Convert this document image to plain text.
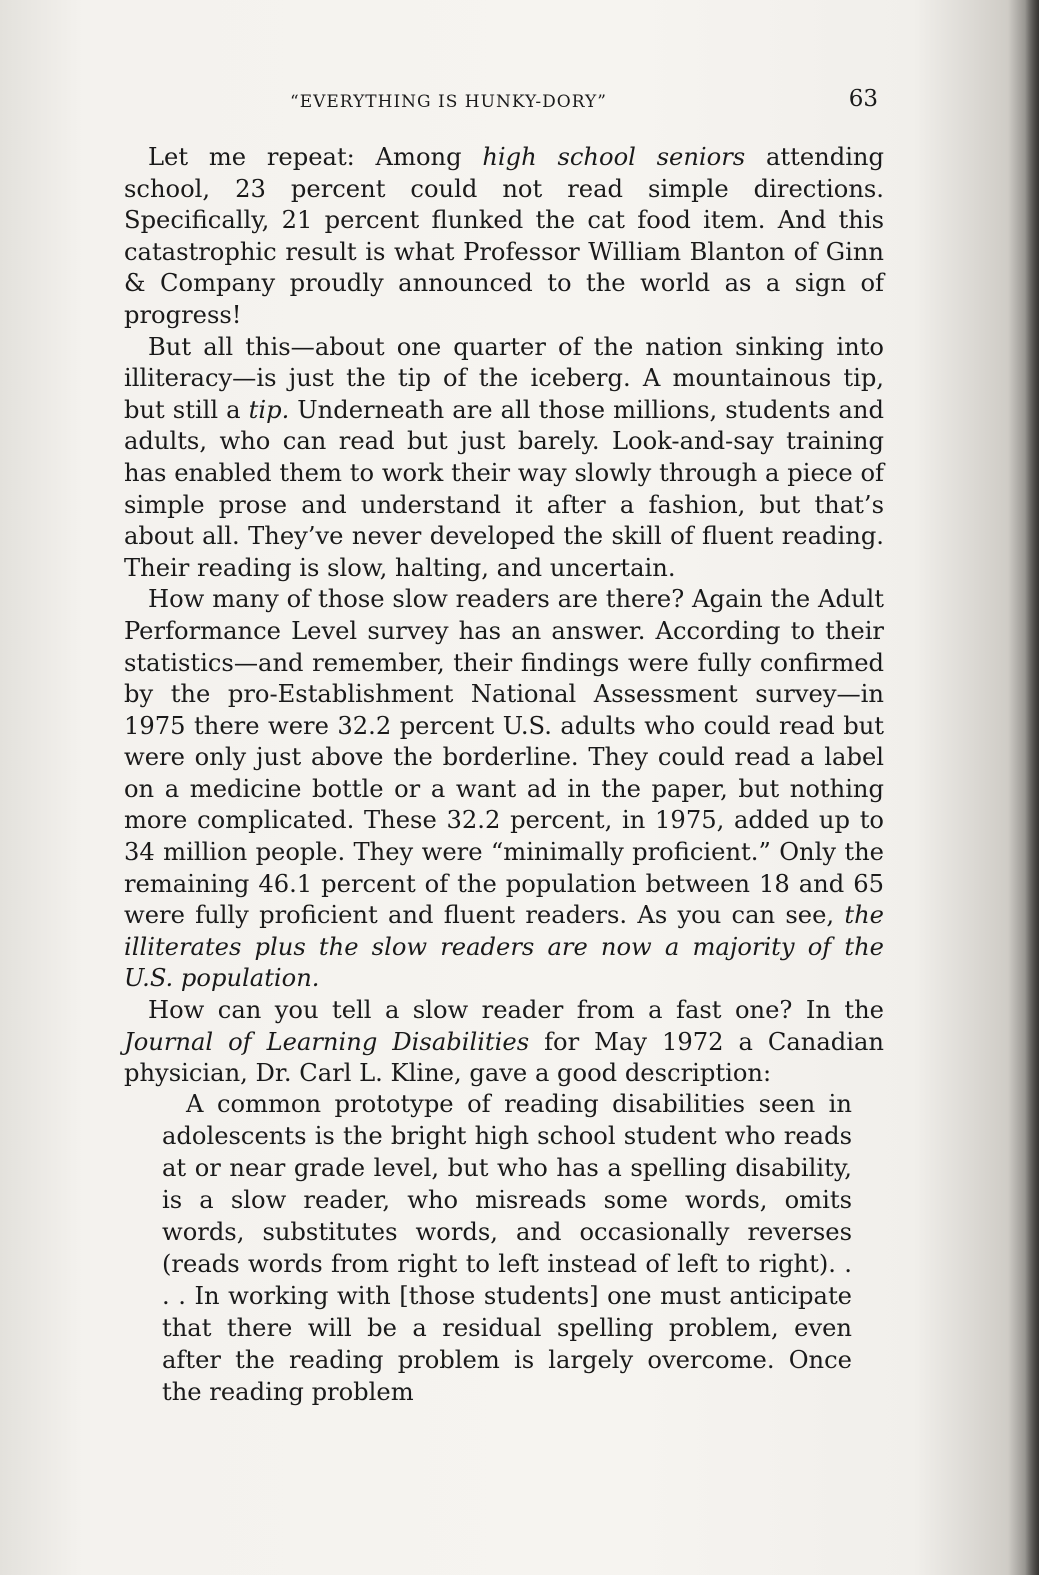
“EVERYTHING IS HUNKY-DORY”	63

Let me repeat: Among high school seniors attending school, 23 percent could not read simple directions. Specifically, 21 percent flunked the cat food item. And this catastrophic result is what Professor William Blanton of Ginn & Company proudly announced to the world as a sign of progress!

But all this—about one quarter of the nation sinking into illiteracy—is just the tip of the iceberg. A mountainous tip, but still a tip. Underneath are all those millions, students and adults, who can read but just barely. Look-and-say training has enabled them to work their way slowly through a piece of simple prose and understand it after a fashion, but that’s about all. They’ve never developed the skill of fluent reading. Their reading is slow, halting, and uncertain.

How many of those slow readers are there? Again the Adult Performance Level survey has an answer. According to their statistics—and remember, their findings were fully confirmed by the pro-Establishment National Assessment survey—in 1975 there were 32.2 percent U.S. adults who could read but were only just above the borderline. They could read a label on a medicine bottle or a want ad in the paper, but nothing more complicated. These 32.2 percent, in 1975, added up to 34 million people. They were “minimally proficient.” Only the remaining 46.1 percent of the population between 18 and 65 were fully proficient and fluent readers. As you can see, the illiterates plus the slow readers are now a majority of the U.S. population.

How can you tell a slow reader from a fast one? In the Journal of Learning Disabilities for May 1972 a Canadian physician, Dr. Carl L. Kline, gave a good description:

A common prototype of reading disabilities seen in adolescents is the bright high school student who reads at or near grade level, but who has a spelling disability, is a slow reader, who misreads some words, omits words, substitutes words, and occasionally reverses (reads words from right to left instead of left to right). . . . In working with [those students] one must anticipate that there will be a residual spelling problem, even after the reading problem is largely overcome. Once the reading problem
